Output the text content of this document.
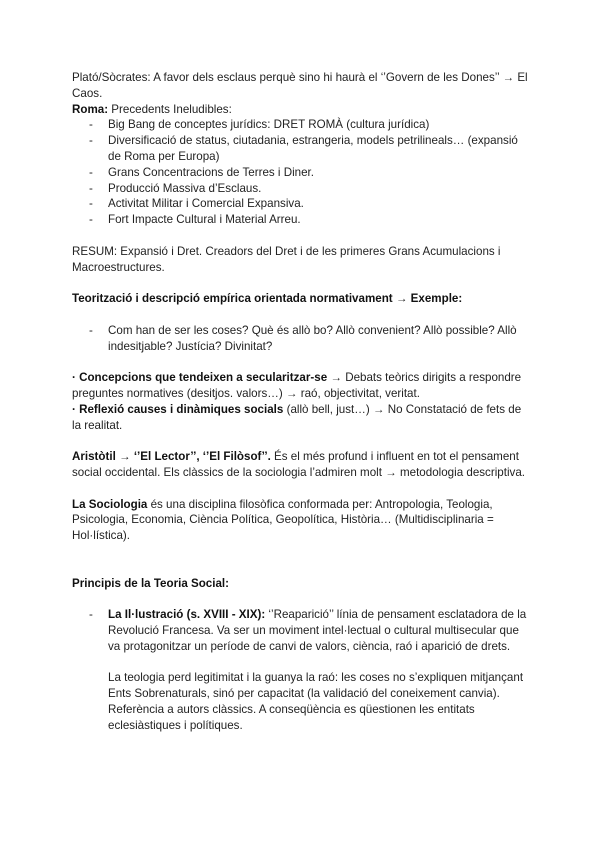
Plató/Sòcrates: A favor dels esclaus perquè sino hi haurà el ‘’Govern de les Dones’’ → El Caos.

Roma: Precedents Ineludibles:

- Big Bang de conceptes jurídics: DRET ROMÀ (cultura jurídica)
- Diversificació de status, ciutadania, estrangeria, models petrilineals… (expansió de Roma per Europa)
- Grans Concentracions de Terres i Diner.
- Producció Massiva d’Esclaus.
- Activitat Militar i Comercial Expansiva.
- Fort Impacte Cultural i Material Arreu.

RESUM: Expansió i Dret. Creadors del Dret i de les primeres Grans Acumulacions i Macroestructures.

Teorització i descripció empírica orientada normativament → Exemple:

- Com han de ser les coses? Què és allò bo? Allò convenient? Allò possible? Allò indesitjable? Justícia? Divinitat?

· Concepcions que tendeixen a secularitzar-se → Debats teòrics dirigits a respondre preguntes normatives (desitjos. valors…) → raó, objectivitat, veritat.

· Reflexió causes i dinàmiques socials (allò bell, just…) → No Constatació de fets de la realitat.

Aristòtil → ‘’El Lector’’, ‘’El Filòsof’’. És el més profund i influent en tot el pensament social occidental. Els clàssics de la sociologia l’admiren molt → metodologia descriptiva.

La Sociologia és una disciplina filosòfica conformada per: Antropologia, Teologia, Psicologia, Economia, Ciència Política, Geopolítica, Història… (Multidisciplinaria = Hol·lística).

Principis de la Teoria Social:

- La Il·lustració (s. XVIII - XIX): ‘’Reaparició’’ línia de pensament esclatadora de la Revolució Francesa. Va ser un moviment intel·lectual o cultural multisecular que va protagonitzar un període de canvi de valors, ciència, raó i aparició de drets.

La teologia perd legitimitat i la guanya la raó: les coses no s’expliquen mitjançant Ents Sobrenaturals, sinó per capacitat (la validació del coneixement canvia). Referència a autors clàssics. A conseqüència es qüestionen les entitats eclesiàstiques i polítiques.
